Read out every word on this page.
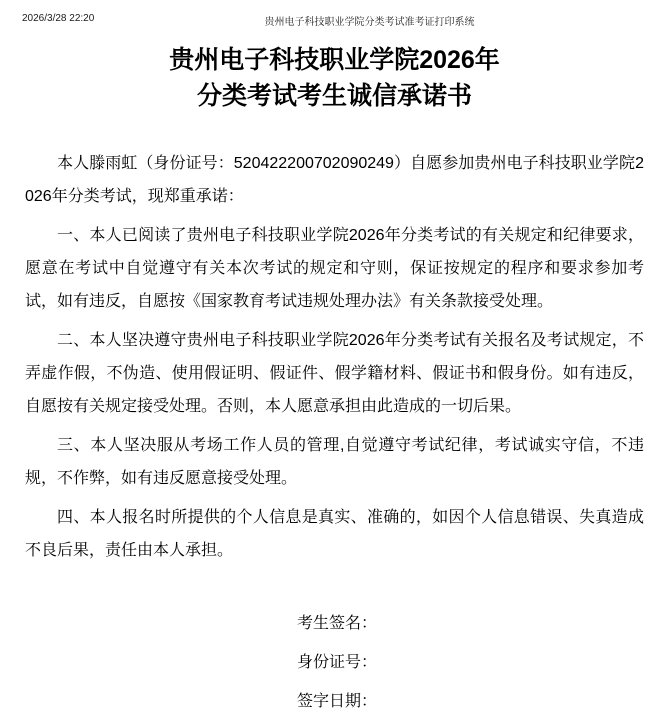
2026/3/28 22:20	贵州电子科技职业学院分类考试准考证打印系统
贵州电子科技职业学院2026年
分类考试考生诚信承诺书

本人滕雨虹（身份证号：520422200702090249）自愿参加贵州电子科技职业学院2026年分类考试，现郑重承诺：

一、本人已阅读了贵州电子科技职业学院2026年分类考试的有关规定和纪律要求，愿意在考试中自觉遵守有关本次考试的规定和守则，保证按规定的程序和要求参加考试，如有违反，自愿按《国家教育考试违规处理办法》有关条款接受处理。

二、本人坚决遵守贵州电子科技职业学院2026年分类考试有关报名及考试规定，不弄虚作假，不伪造、使用假证明、假证件、假学籍材料、假证书和假身份。如有违反，自愿按有关规定接受处理。否则，本人愿意承担由此造成的一切后果。

三、本人坚决服从考场工作人员的管理,自觉遵守考试纪律，考试诚实守信，不违规，不作弊，如有违反愿意接受处理。

四、本人报名时所提供的个人信息是真实、准确的，如因个人信息错误、失真造成不良后果，责任由本人承担。

考生签名：
身份证号：
签字日期：
